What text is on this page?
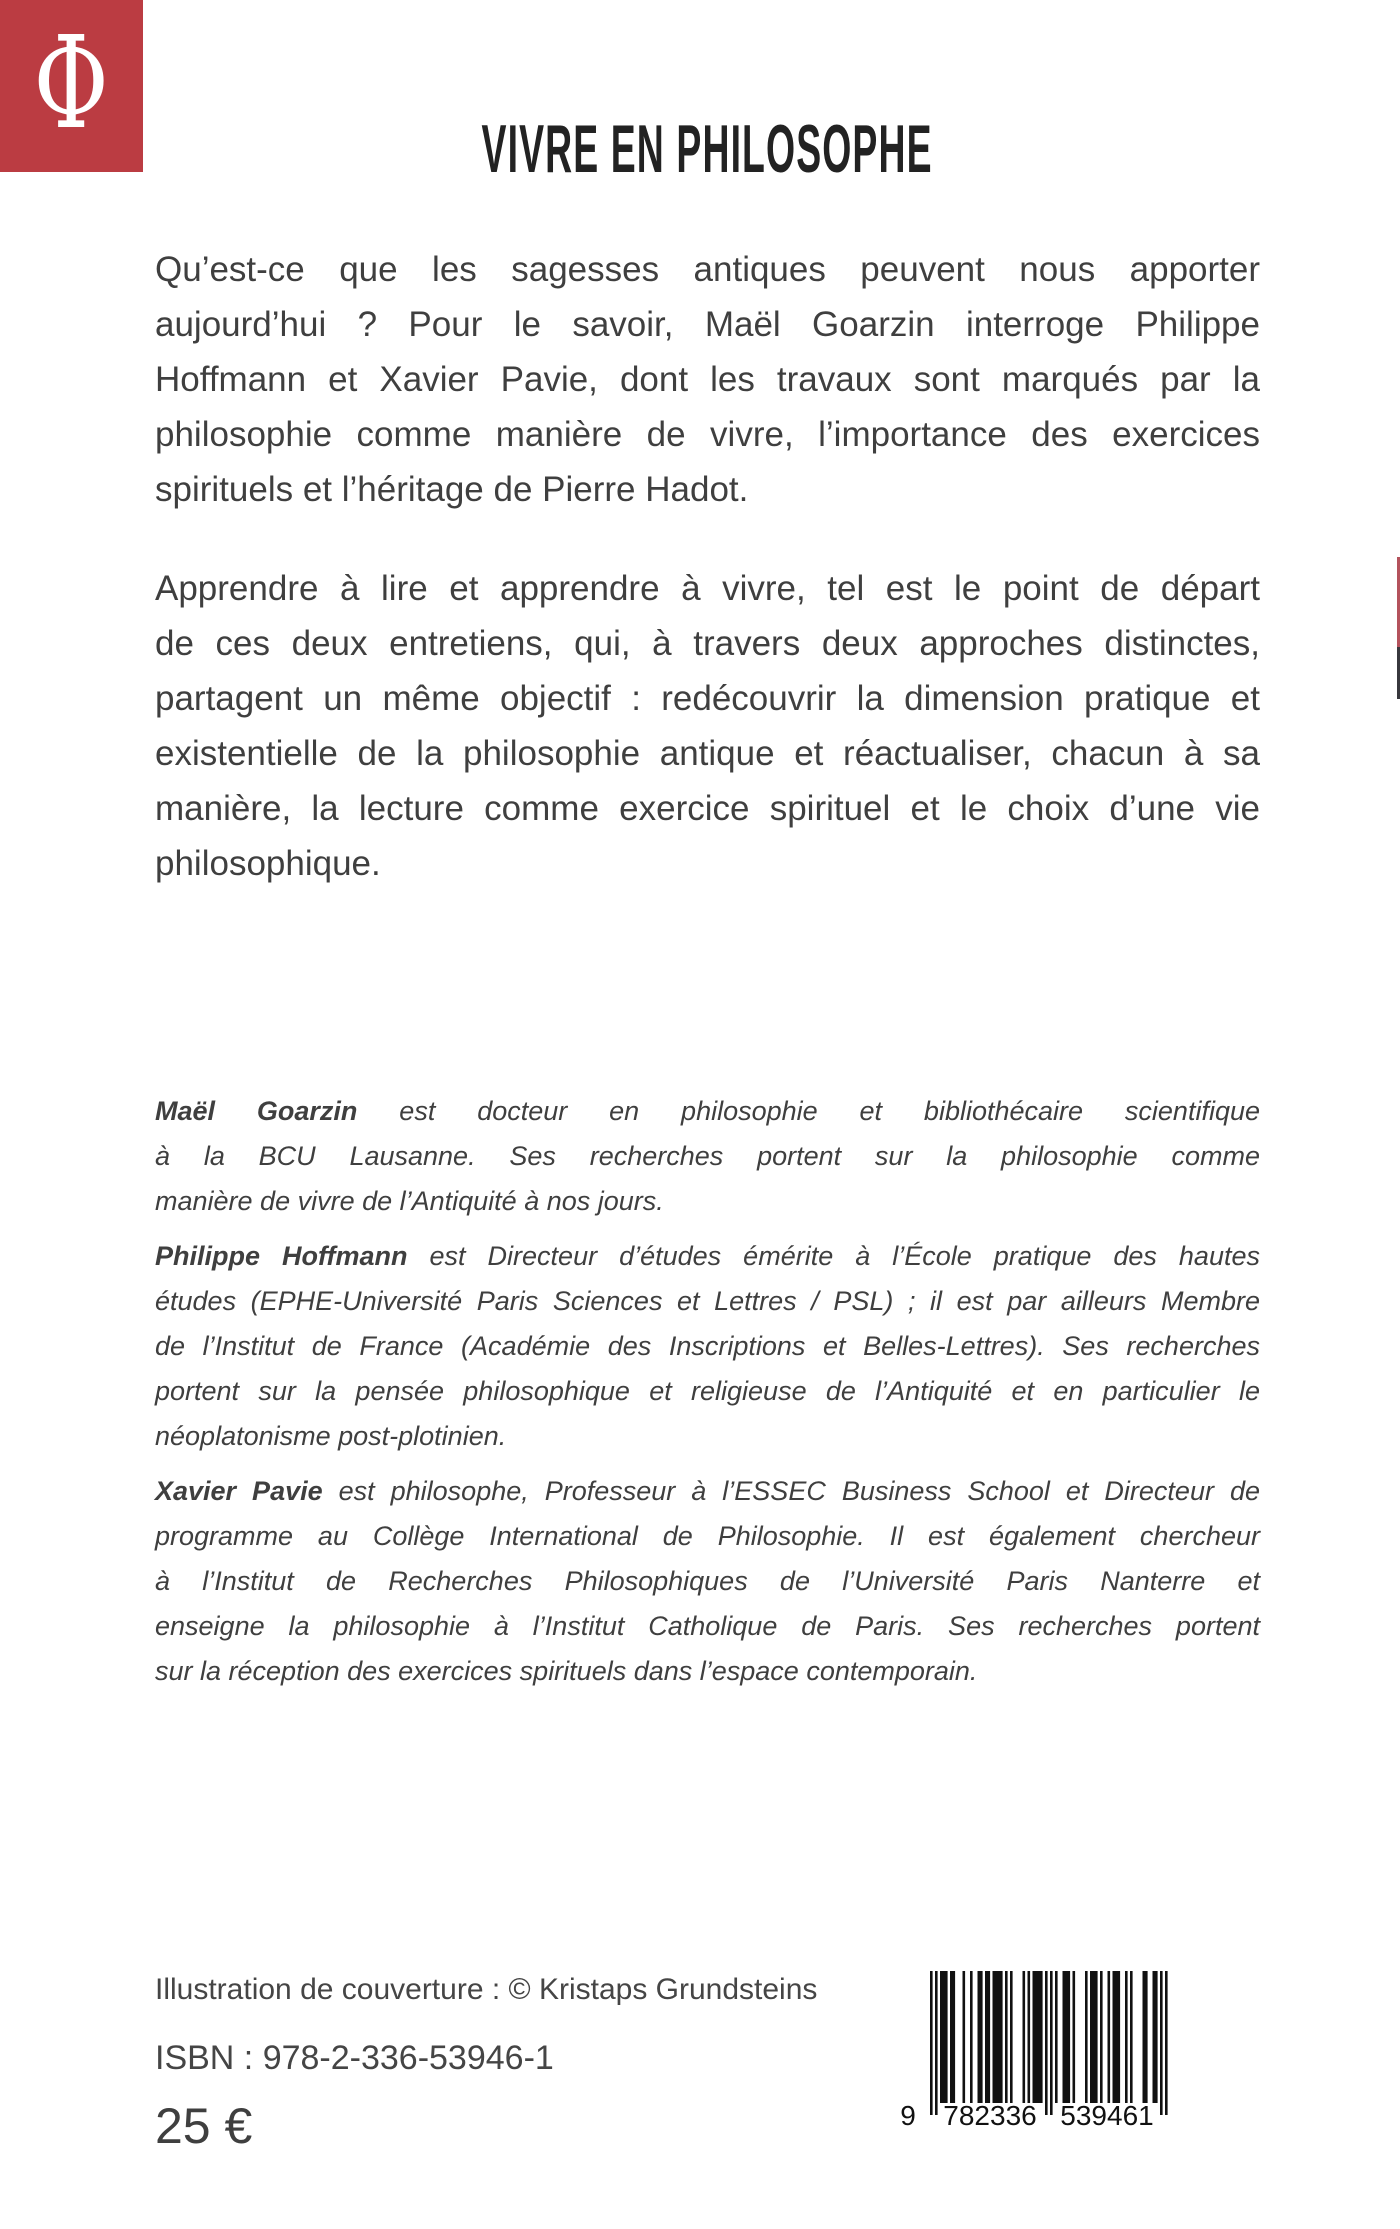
Φ	VIVRE EN PHILOSOPHE
Qu’est-ce que les sagesses antiques peuvent nous apporter
aujourd’hui ? Pour le savoir, Maël Goarzin interroge Philippe
Hoffmann et Xavier Pavie, dont les travaux sont marqués par la
philosophie comme manière de vivre, l’importance des exercices
spirituels et l’héritage de Pierre Hadot.
Apprendre à lire et apprendre à vivre, tel est le point de départ
de ces deux entretiens, qui, à travers deux approches distinctes,
partagent un même objectif : redécouvrir la dimension pratique et
existentielle de la philosophie antique et réactualiser, chacun à sa
manière, la lecture comme exercice spirituel et le choix d’une vie
philosophique.
Maël Goarzin est docteur en philosophie et bibliothécaire scientifique
à la BCU Lausanne. Ses recherches portent sur la philosophie comme
manière de vivre de l’Antiquité à nos jours.
Philippe Hoffmann est Directeur d’études émérite à l’École pratique des hautes
études (EPHE-Université Paris Sciences et Lettres / PSL) ; il est par ailleurs Membre
de l’Institut de France (Académie des Inscriptions et Belles-Lettres). Ses recherches
portent sur la pensée philosophique et religieuse de l’Antiquité et en particulier le
néoplatonisme post-plotinien.
Xavier Pavie est philosophe, Professeur à l’ESSEC Business School et Directeur de
programme au Collège International de Philosophie. Il est également chercheur
à l’Institut de Recherches Philosophiques de l’Université Paris Nanterre et
enseigne la philosophie à l’Institut Catholique de Paris. Ses recherches portent
sur la réception des exercices spirituels dans l’espace contemporain.
Illustration de couverture : © Kristaps Grundsteins
ISBN : 978-2-336-53946-1
25 €	9 782336 539461
